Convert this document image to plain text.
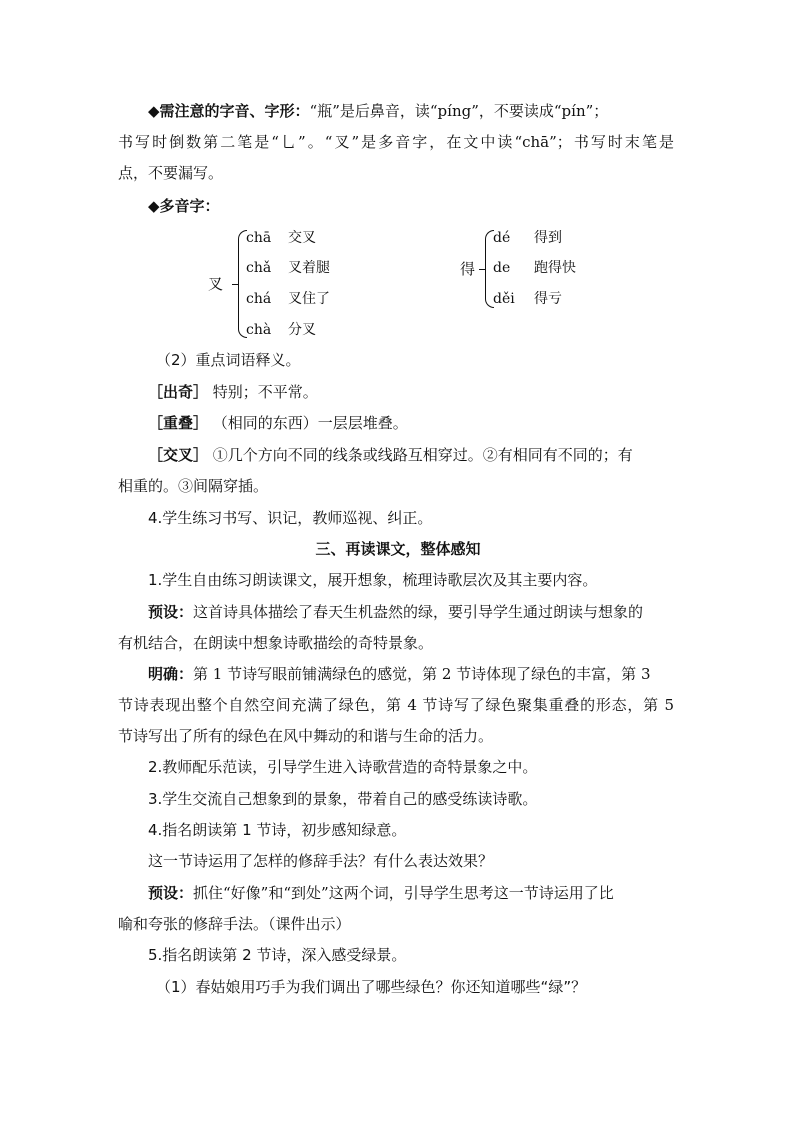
◆需注意的字音、字形：“瓶”是后鼻音，读“píng”，不要读成“pín”；
书写时倒数第二笔是“乚”。“叉”是多音字，在文中读“chā”；书写时末笔是
点，不要漏写。
◆多音字：
叉
chā 交叉
chǎ 叉着腿
chá 叉住了
chà 分叉
得
dé 得到
de 跑得快
děi 得亏
（2）重点词语释义。
［出奇］ 特别；不平常。
［重叠］ （相同的东西）一层层堆叠。
［交叉］ ①几个方向不同的线条或线路互相穿过。②有相同有不同的；有
相重的。③间隔穿插。
4.学生练习书写、识记，教师巡视、纠正。
三、再读课文，整体感知
1.学生自由练习朗读课文，展开想象，梳理诗歌层次及其主要内容。
预设：这首诗具体描绘了春天生机盎然的绿，要引导学生通过朗读与想象的
有机结合，在朗读中想象诗歌描绘的奇特景象。
明确：第 1 节诗写眼前铺满绿色的感觉，第 2 节诗体现了绿色的丰富，第 3
节诗表现出整个自然空间充满了绿色，第 4 节诗写了绿色聚集重叠的形态，第 5
节诗写出了所有的绿色在风中舞动的和谐与生命的活力。
2.教师配乐范读，引导学生进入诗歌营造的奇特景象之中。
3.学生交流自己想象到的景象，带着自己的感受练读诗歌。
4.指名朗读第 1 节诗，初步感知绿意。
这一节诗运用了怎样的修辞手法？有什么表达效果？
预设：抓住“好像”和“到处”这两个词，引导学生思考这一节诗运用了比
喻和夸张的修辞手法。（课件出示）
5.指名朗读第 2 节诗，深入感受绿景。
（1）春姑娘用巧手为我们调出了哪些绿色？你还知道哪些“绿”？
